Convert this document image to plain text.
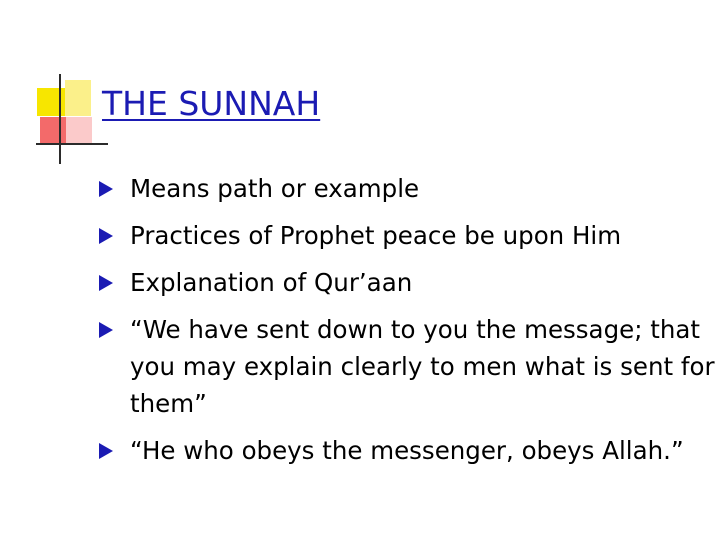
THE SUNNAH
Means path or example
Practices of Prophet peace be upon Him
Explanation of Qur’aan
“We have sent down to you the message; that you may explain clearly to men what is sent for them”
“He who obeys the messenger, obeys Allah.”
